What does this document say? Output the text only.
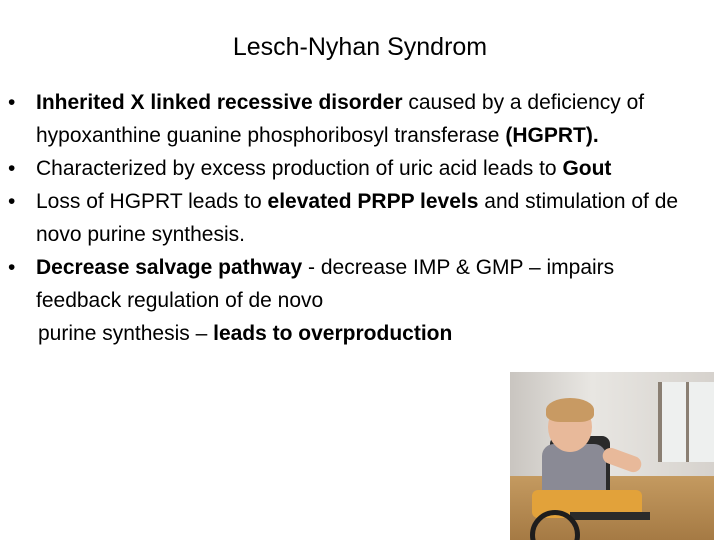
Lesch-Nyhan Syndrom
• Inherited X linked recessive disorder caused by a deficiency of hypoxanthine guanine phosphoribosyl transferase (HGPRT).
• Characterized by excess production of uric acid leads to Gout
• Loss of HGPRT leads to elevated PRPP levels and stimulation of de novo purine synthesis.
• Decrease salvage pathway - decrease IMP & GMP – impairs feedback regulation of de novo
purine synthesis – leads to overproduction
